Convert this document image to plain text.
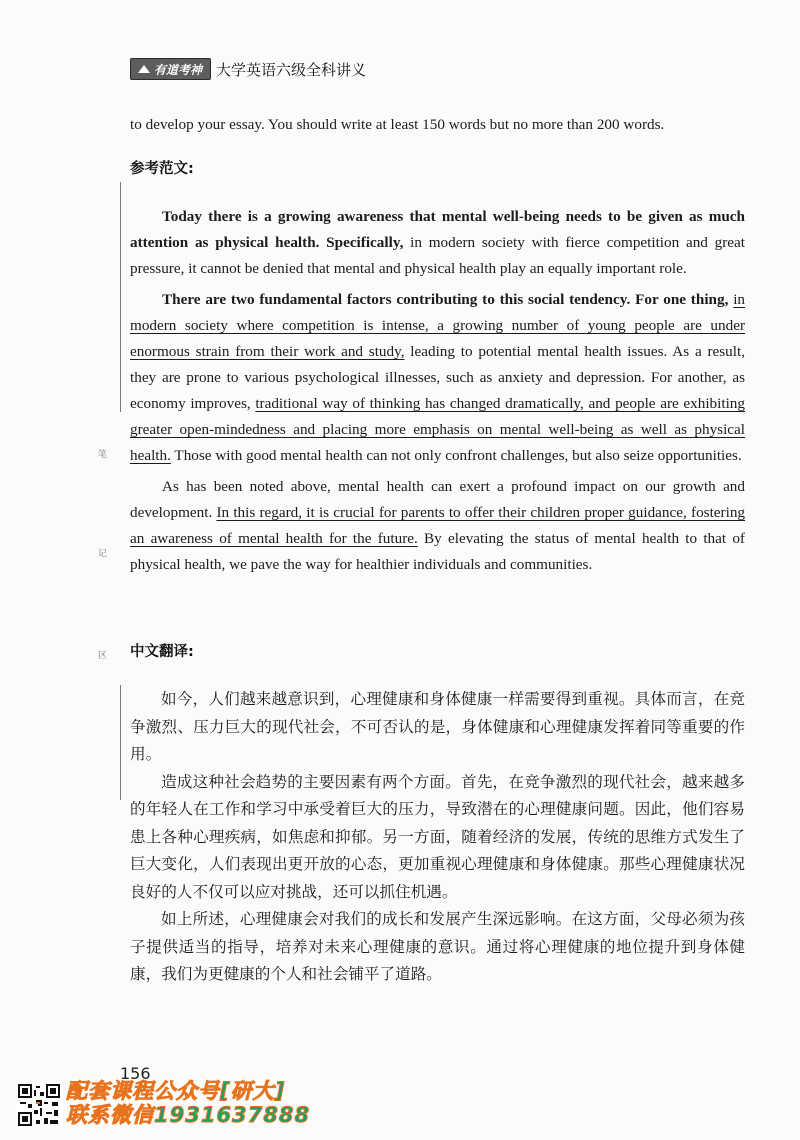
有道考神 大学英语六级全科讲义

to develop your essay. You should write at least 150 words but no more than 200 words.

参考范文:
笔
记
区

Today there is a growing awareness that mental well-being needs to be given as much attention as physical health. Specifically, in modern society with fierce competition and great pressure, it cannot be denied that mental and physical health play an equally important role.

There are two fundamental factors contributing to this social tendency. For one thing, in modern society where competition is intense, a growing number of young people are under enormous strain from their work and study, leading to potential mental health issues. As a result, they are prone to various psychological illnesses, such as anxiety and depression. For another, as economy improves, traditional way of thinking has changed dramatically, and people are exhibiting greater open-mindedness and placing more emphasis on mental well-being as well as physical health. Those with good mental health can not only confront challenges, but also seize opportunities.

As has been noted above, mental health can exert a profound impact on our growth and development. In this regard, it is crucial for parents to offer their children proper guidance, fostering an awareness of mental health for the future. By elevating the status of mental health to that of physical health, we pave the way for healthier individuals and communities.

中文翻译:

如今，人们越来越意识到，心理健康和身体健康一样需要得到重视。具体而言，在竞争激烈、压力巨大的现代社会，不可否认的是，身体健康和心理健康发挥着同等重要的作用。

造成这种社会趋势的主要因素有两个方面。首先，在竞争激烈的现代社会，越来越多的年轻人在工作和学习中承受着巨大的压力，导致潜在的心理健康问题。因此，他们容易患上各种心理疾病，如焦虑和抑郁。另一方面，随着经济的发展，传统的思维方式发生了巨大变化，人们表现出更开放的心态，更加重视心理健康和身体健康。那些心理健康状况良好的人不仅可以应对挑战，还可以抓住机遇。

如上所述，心理健康会对我们的成长和发展产生深远影响。在这方面，父母必须为孩子提供适当的指导，培养对未来心理健康的意识。通过将心理健康的地位提升到身体健康，我们为更健康的个人和社会铺平了道路。

156
配套课程公众号[研大]
联系微信1931637888
